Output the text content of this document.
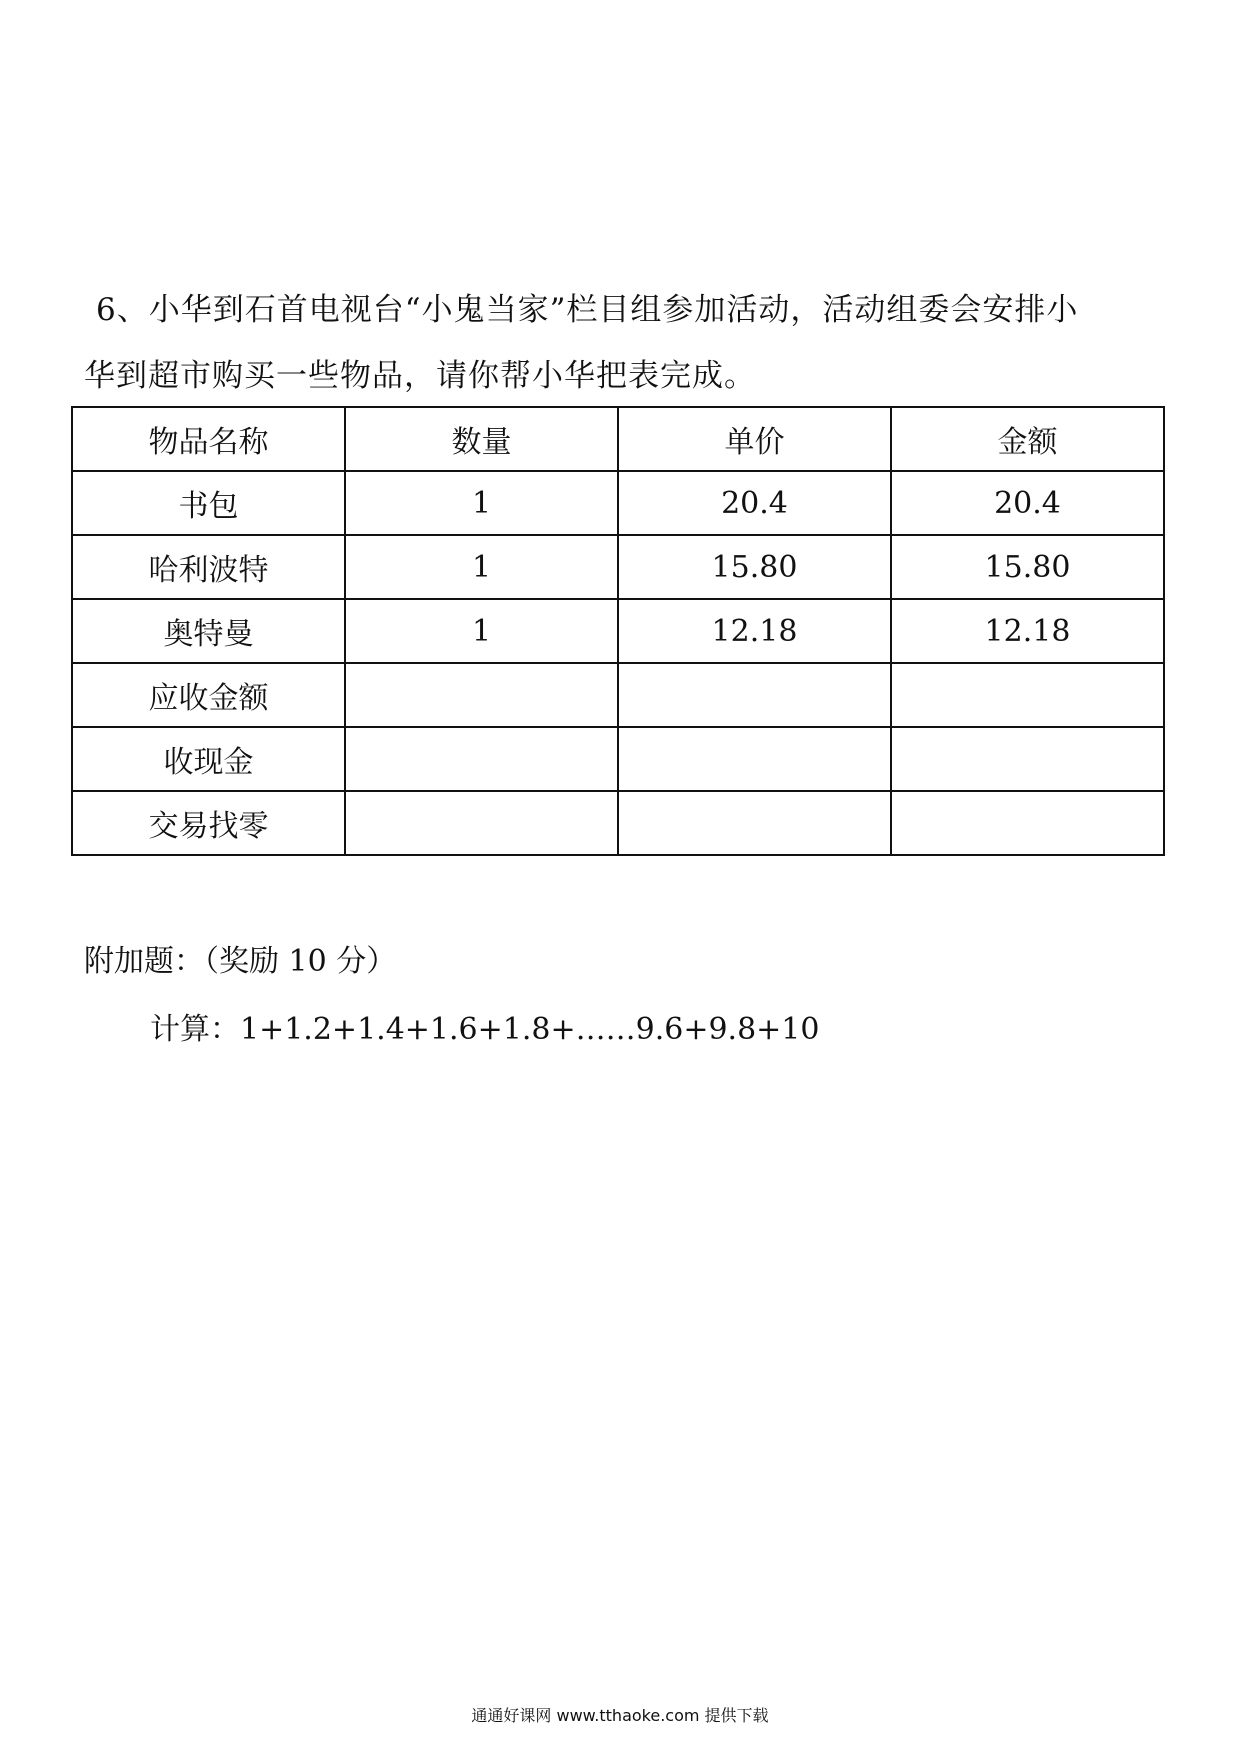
6、小华到石首电视台“小鬼当家”栏目组参加活动，活动组委会安排小
华到超市购买一些物品，请你帮小华把表完成。
物品名称	数量	单价	金额
书包	1	20.4	20.4
哈利波特	1	15.80	15.80
奥特曼	1	12.18	12.18
应收金额			
收现金			
交易找零			
附加题：（奖励 10 分）
计算：1+1.2+1.4+1.6+1.8+……9.6+9.8+10
通通好课网 www.tthaoke.com 提供下载
